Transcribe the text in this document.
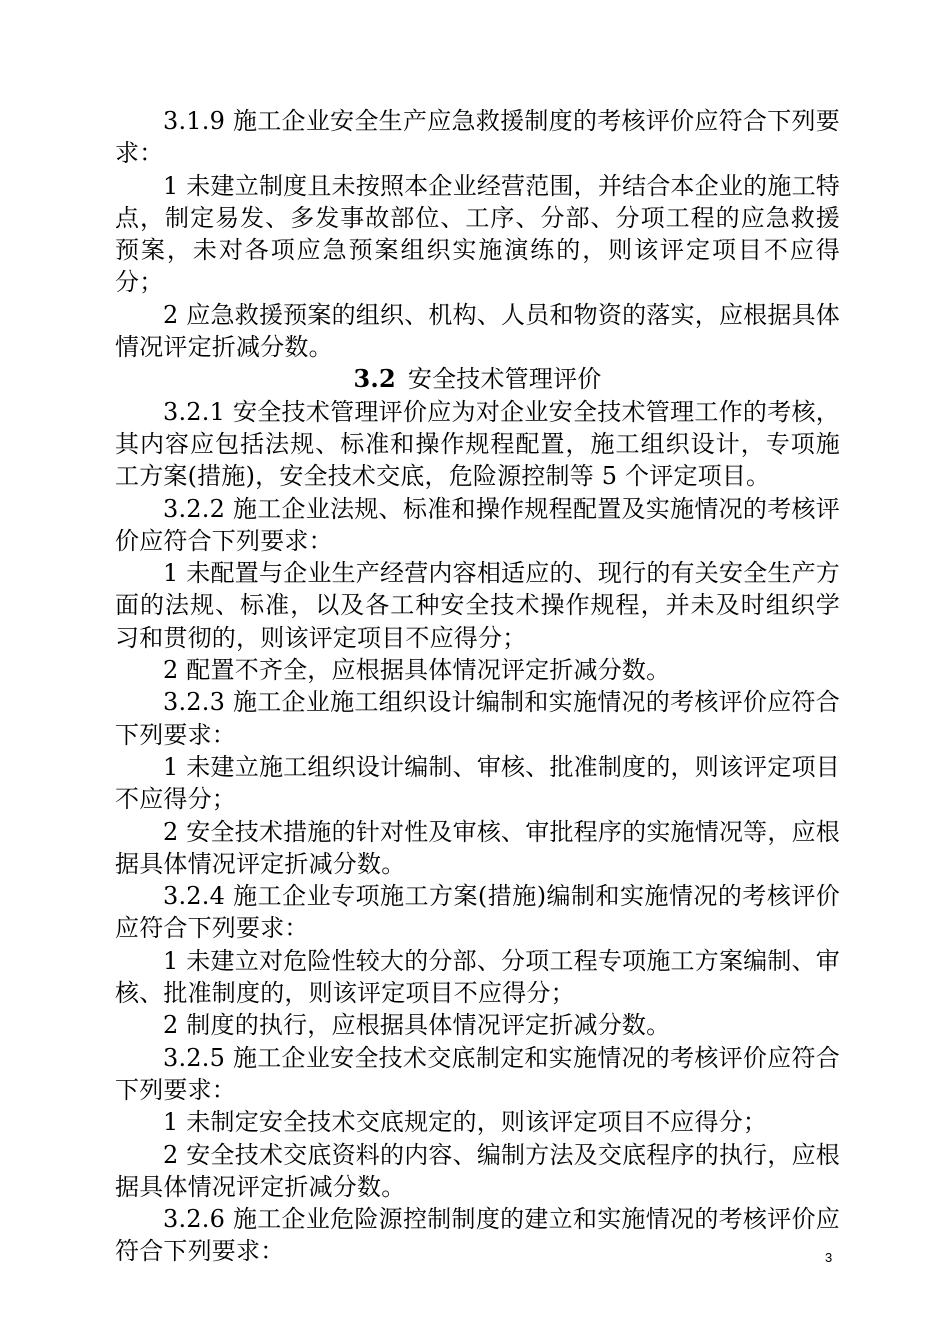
3.1.9 施工企业安全生产应急救援制度的考核评价应符合下列要求：

1 未建立制度且未按照本企业经营范围，并结合本企业的施工特点，制定易发、多发事故部位、工序、分部、分项工程的应急救援预案，未对各项应急预案组织实施演练的，则该评定项目不应得分；

2 应急救援预案的组织、机构、人员和物资的落实，应根据具体情况评定折减分数。

3.2 安全技术管理评价

3.2.1 安全技术管理评价应为对企业安全技术管理工作的考核，其内容应包括法规、标准和操作规程配置，施工组织设计，专项施工方案(措施)，安全技术交底，危险源控制等 5 个评定项目。

3.2.2 施工企业法规、标准和操作规程配置及实施情况的考核评价应符合下列要求：

1 未配置与企业生产经营内容相适应的、现行的有关安全生产方面的法规、标准，以及各工种安全技术操作规程，并未及时组织学习和贯彻的，则该评定项目不应得分；

2 配置不齐全，应根据具体情况评定折减分数。

3.2.3 施工企业施工组织设计编制和实施情况的考核评价应符合下列要求：

1 未建立施工组织设计编制、审核、批准制度的，则该评定项目不应得分；

2 安全技术措施的针对性及审核、审批程序的实施情况等，应根据具体情况评定折减分数。

3.2.4 施工企业专项施工方案(措施)编制和实施情况的考核评价应符合下列要求：

1 未建立对危险性较大的分部、分项工程专项施工方案编制、审核、批准制度的，则该评定项目不应得分；

2 制度的执行，应根据具体情况评定折减分数。

3.2.5 施工企业安全技术交底制定和实施情况的考核评价应符合下列要求：

1 未制定安全技术交底规定的，则该评定项目不应得分；

2 安全技术交底资料的内容、编制方法及交底程序的执行，应根据具体情况评定折减分数。

3.2.6 施工企业危险源控制制度的建立和实施情况的考核评价应符合下列要求：	3
